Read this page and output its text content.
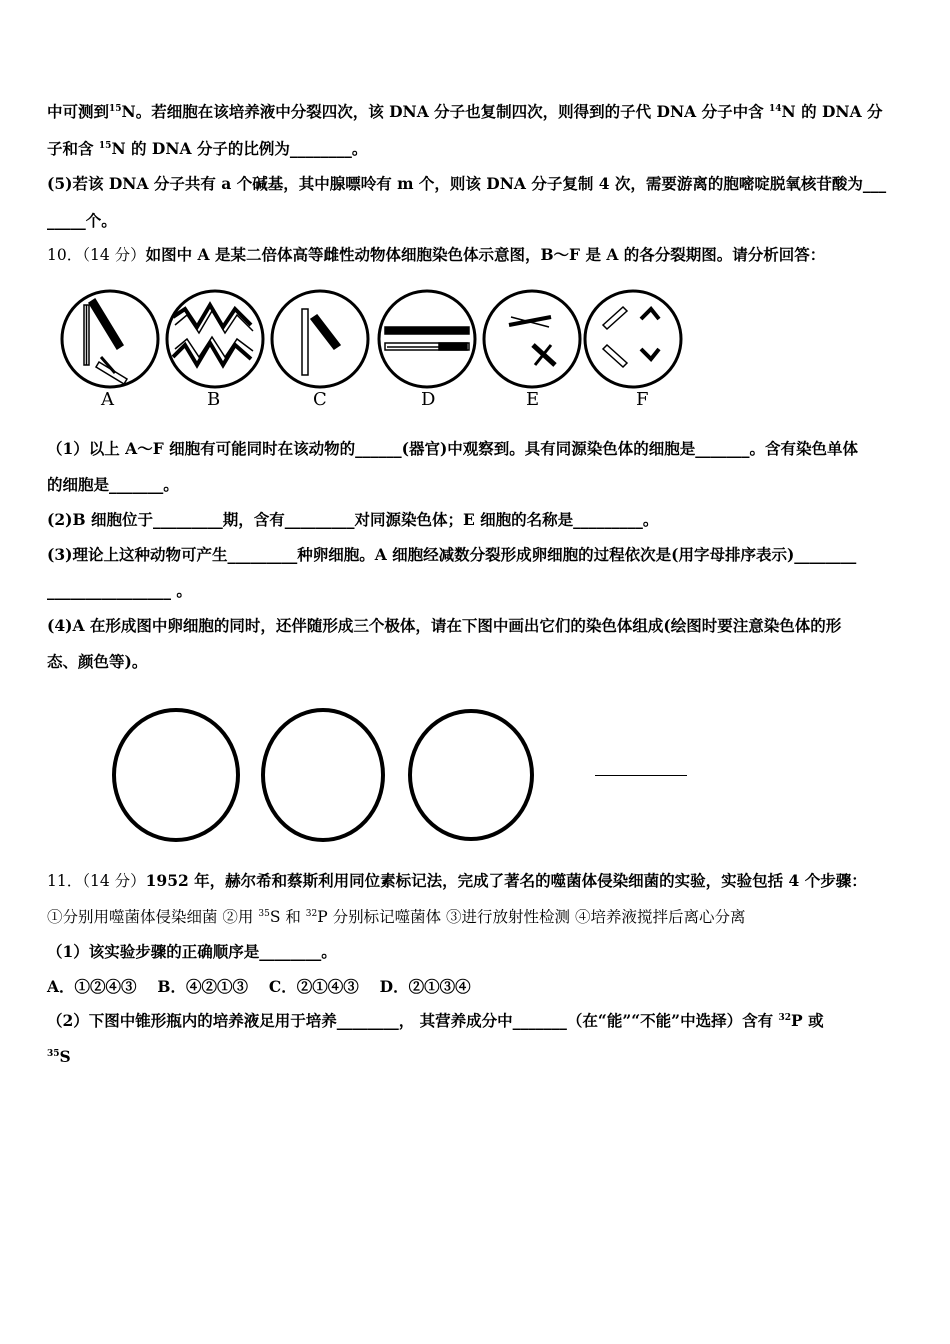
中可测到$^{15}$N。若细胞在该培养液中分裂四次，该 DNA 分子也复制四次，则得到的子代 DNA 分子中含 $^{14}$N 的 DNA 分
子和含 $^{15}$N 的 DNA 分子的比例为________。
(5)若该 DNA 分子共有 a 个碱基，其中腺嘌呤有 m 个，则该 DNA 分子复制 4 次，需要游离的胞嘧啶脱氧核苷酸为___
_____个。
10．（14 分）如图中 A 是某二倍体高等雌性动物体细胞染色体示意图，B～F 是 A 的各分裂期图。请分析回答：
A	B	C	D	E	F
（1）以上 A～F 细胞有可能同时在该动物的______(器官)中观察到。具有同源染色体的细胞是_______。含有染色单体
的细胞是_______。
(2)B 细胞位于_________期，含有_________对同源染色体；E 细胞的名称是_________。
(3)理论上这种动物可产生_________种卵细胞。A 细胞经减数分裂形成卵细胞的过程依次是(用字母排序表示)________
________________ 。
(4)A 在形成图中卵细胞的同时，还伴随形成三个极体，请在下图中画出它们的染色体组成(绘图时要注意染色体的形
态、颜色等)。
11．（14 分）1952 年，赫尔希和蔡斯利用同位素标记法，完成了著名的噬菌体侵染细菌的实验，实验包括 4 个步骤：
①分别用噬菌体侵染细菌 ②用 $^{35}$S 和 $^{32}$P 分别标记噬菌体 ③进行放射性检测 ④培养液搅拌后离心分离
（1）该实验步骤的正确顺序是________。
A．①②④③　 B．④②①③　 C．②①④③　 D．②①③④
（2）下图中锥形瓶内的培养液足用于培养________， 其营养成分中_______（在“能”“不能”中选择）含有 $^{32}$P 或
$^{35}$S
